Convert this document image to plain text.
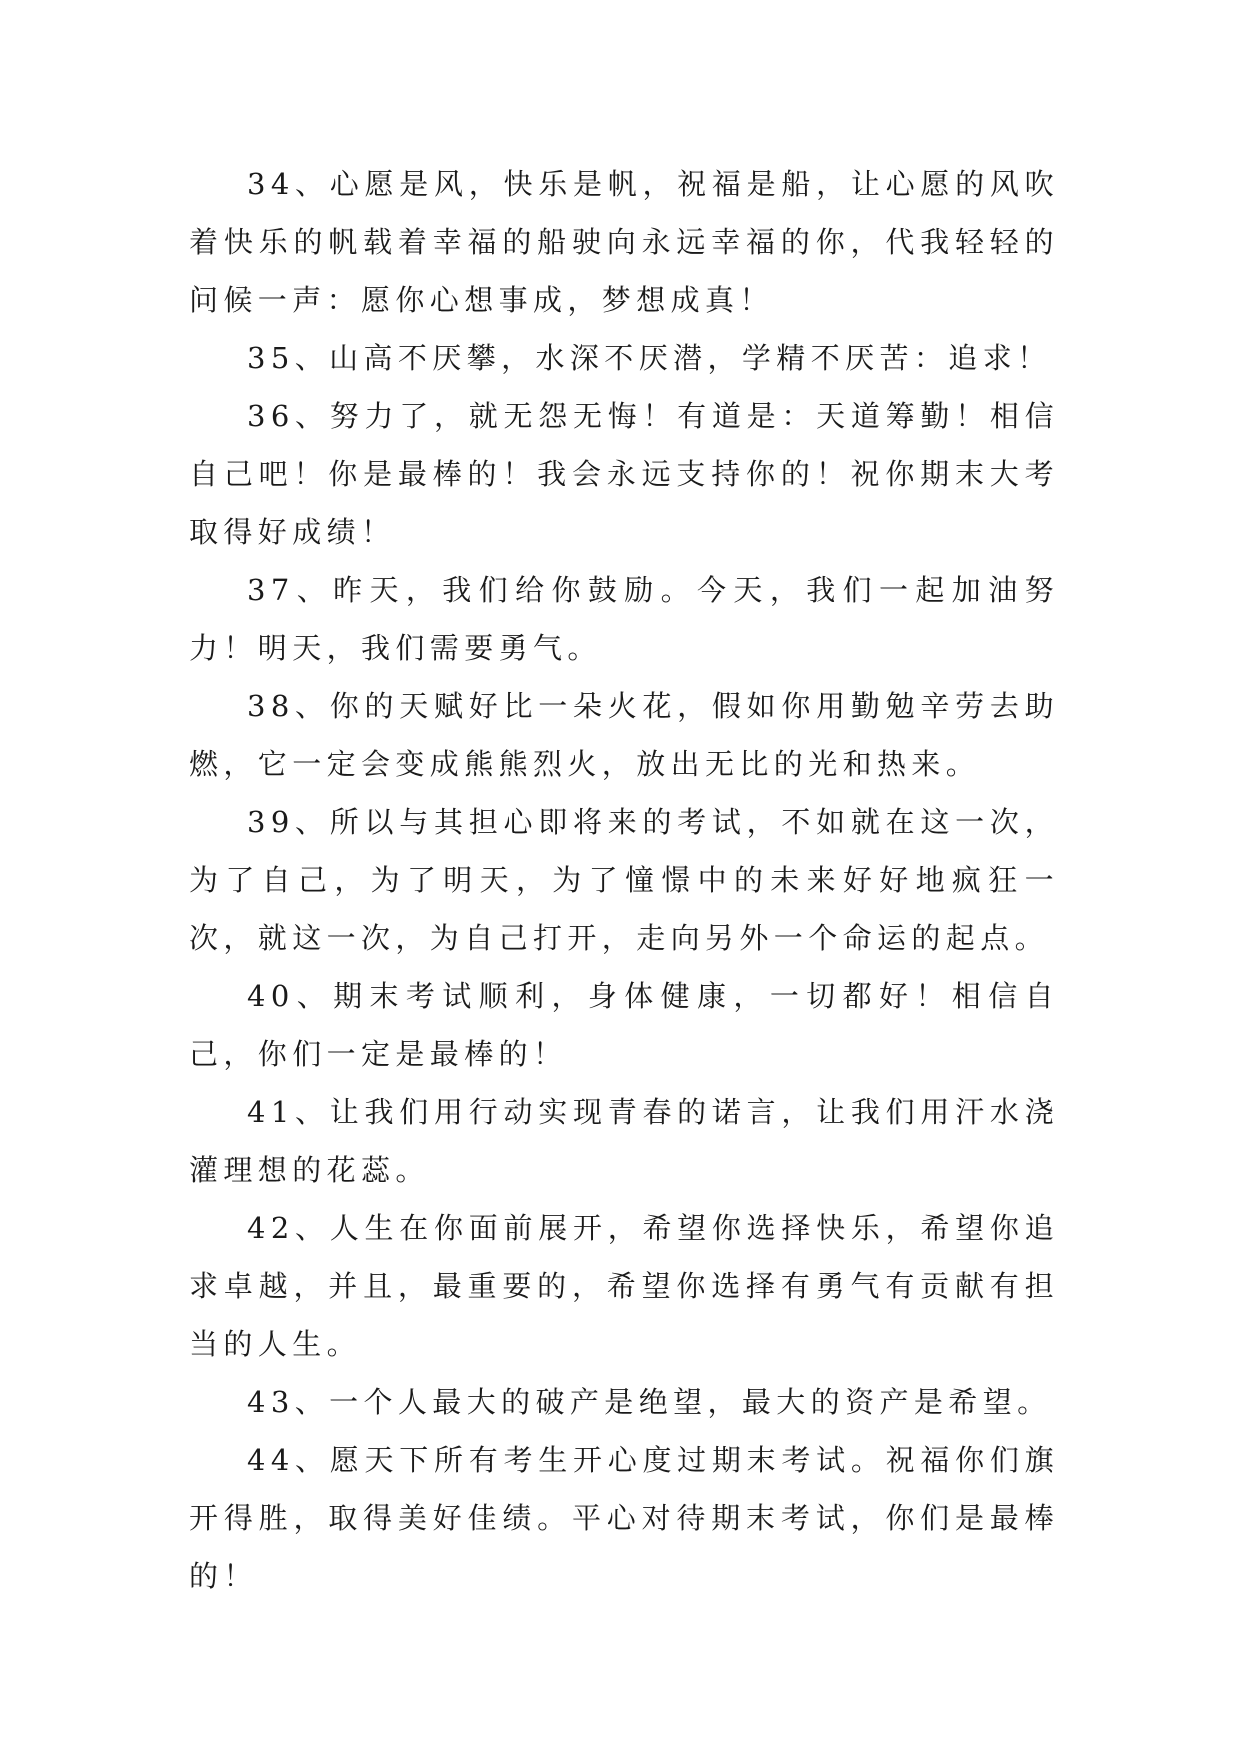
34、心愿是风，快乐是帆，祝福是船，让心愿的风吹着快乐的帆载着幸福的船驶向永远幸福的你，代我轻轻的问候一声：愿你心想事成，梦想成真！

35、山高不厌攀，水深不厌潜，学精不厌苦：追求！

36、努力了，就无怨无悔！有道是：天道筹勤！相信自己吧！你是最棒的！我会永远支持你的！祝你期末大考取得好成绩！

37、昨天，我们给你鼓励。今天，我们一起加油努力！明天，我们需要勇气。

38、你的天赋好比一朵火花，假如你用勤勉辛劳去助燃，它一定会变成熊熊烈火，放出无比的光和热来。

39、所以与其担心即将来的考试，不如就在这一次，为了自己，为了明天，为了憧憬中的未来好好地疯狂一次，就这一次，为自己打开，走向另外一个命运的起点。

40、期末考试顺利，身体健康，一切都好！相信自己，你们一定是最棒的！

41、让我们用行动实现青春的诺言，让我们用汗水浇灌理想的花蕊。

42、人生在你面前展开，希望你选择快乐，希望你追求卓越，并且，最重要的，希望你选择有勇气有贡献有担当的人生。

43、一个人最大的破产是绝望，最大的资产是希望。

44、愿天下所有考生开心度过期末考试。祝福你们旗开得胜，取得美好佳绩。平心对待期末考试，你们是最棒的！
